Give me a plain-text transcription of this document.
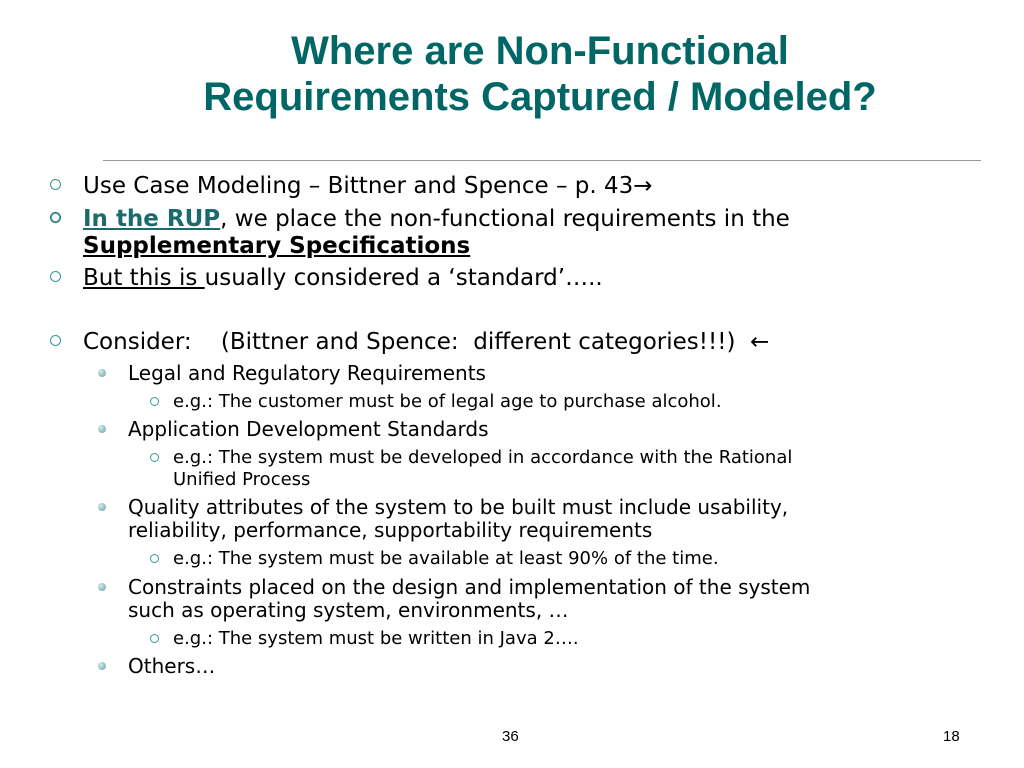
Where are Non-Functional
Requirements Captured / Modeled?
Use Case Modeling – Bittner and Spence – p. 43→
In the RUP, we place the non-functional requirements in the
Supplementary Specifications
But this is usually considered a ‘standard’…..
Consider:    (Bittner and Spence:  different categories!!!)  ←
Legal and Regulatory Requirements
e.g.: The customer must be of legal age to purchase alcohol.
Application Development Standards
e.g.: The system must be developed in accordance with the Rational
Unified Process
Quality attributes of the system to be built must include usability,
reliability, performance, supportability requirements
e.g.: The system must be available at least 90% of the time.
Constraints placed on the design and implementation of the system
such as operating system, environments, …
e.g.: The system must be written in Java 2….
Others…
36	18
